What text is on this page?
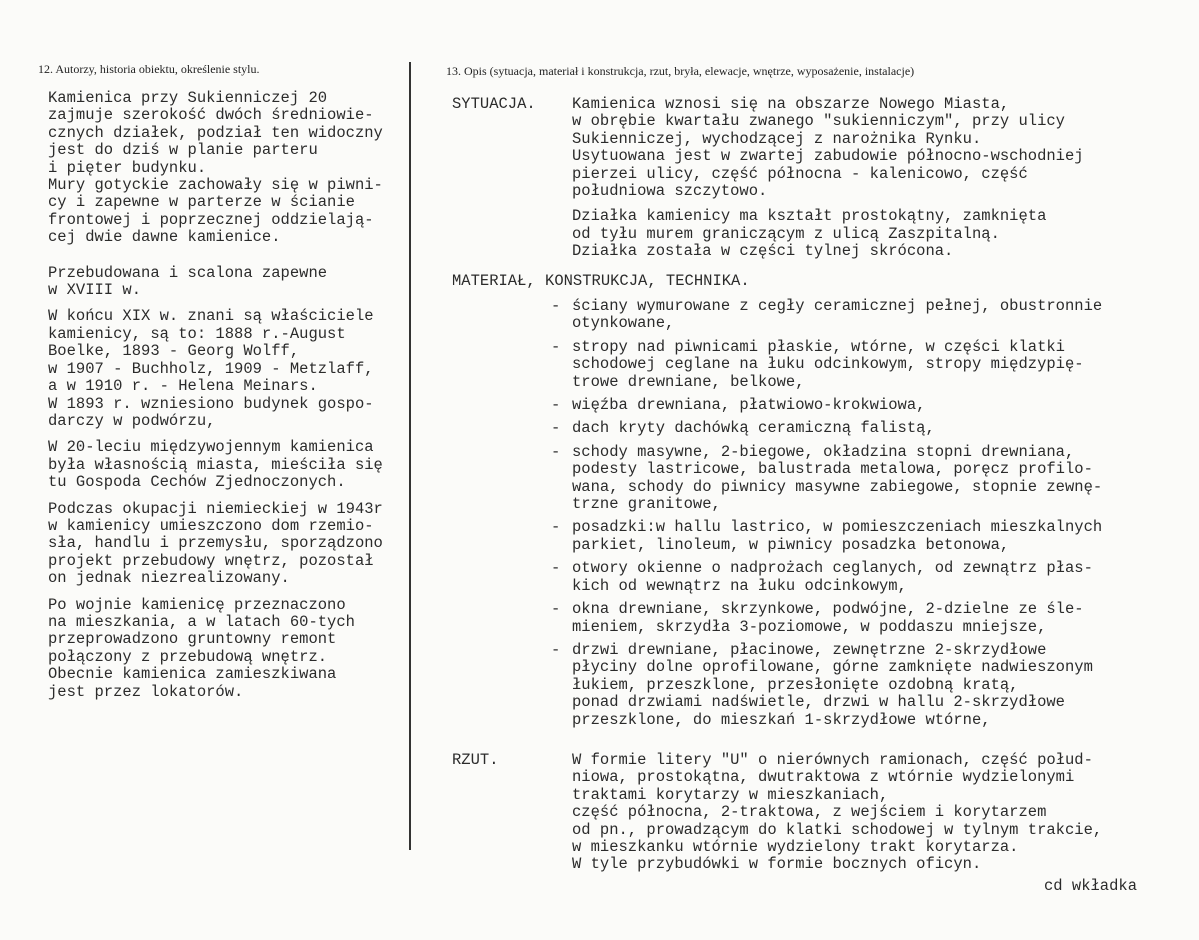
12. Autorzy, historia obiektu, określenie stylu.	13. Opis (sytuacja, materiał i konstrukcja, rzut, bryła, elewacje, wnętrze, wyposażenie, instalacje)

Kamienica przy Sukienniczej 20
zajmuje szerokość dwóch średniowie-
cznych działek, podział ten widoczny
jest do dziś w planie parteru
i pięter budynku.
Mury gotyckie zachowały się w piwni-
cy i zapewne w parterze w ścianie
frontowej i poprzecznej oddzielają-
cej dwie dawne kamienice.

Przebudowana i scalona zapewne
w XVIII w.

W końcu XIX w. znani są właściciele
kamienicy, są to: 1888 r.-August
Boelke, 1893 - Georg Wolff,
w 1907 - Buchholz, 1909 - Metzlaff,
a w 1910 r. - Helena Meinars.
W 1893 r. wzniesiono budynek gospo-
darczy w podwórzu,

W 20-leciu międzywojennym kamienica
była własnością miasta, mieściła się
tu Gospoda Cechów Zjednoczonych.

Podczas okupacji niemieckiej w 1943r
w kamienicy umieszczono dom rzemio-
sła, handlu i przemysłu, sporządzono
projekt przebudowy wnętrz, pozostał
on jednak niezrealizowany.

Po wojnie kamienicę przeznaczono
na mieszkania, a w latach 60-tych
przeprowadzono gruntowny remont
połączony z przebudową wnętrz.
Obecnie kamienica zamieszkiwana
jest przez lokatorów.

SYTUACJA. Kamienica wznosi się na obszarze Nowego Miasta,
w obrębie kwartału zwanego "sukienniczym", przy ulicy
Sukienniczej, wychodzącej z narożnika Rynku.
Usytuowana jest w zwartej zabudowie północno-wschodniej
pierzei ulicy, część północna - kalenicowo, część
południowa szczytowo.

Działka kamienicy ma kształt prostokątny, zamknięta
od tyłu murem graniczącym z ulicą Zaszpitalną.
Działka została w części tylnej skrócona.

MATERIAŁ, KONSTRUKCJA, TECHNIKA.
- ściany wymurowane z cegły ceramicznej pełnej, obustronnie
otynkowane,
- stropy nad piwnicami płaskie, wtórne, w części klatki
schodowej ceglane na łuku odcinkowym, stropy międzypię-
trowe drewniane, belkowe,
- więźba drewniana, płatwiowo-krokwiowa,
- dach kryty dachówką ceramiczną falistą,
- schody masywne, 2-biegowe, okładzina stopni drewniana,
podesty lastricowe, balustrada metalowa, poręcz profilo-
wana, schody do piwnicy masywne zabiegowe, stopnie zewnę-
trzne granitowe,
- posadzki:w hallu lastrico, w pomieszczeniach mieszkalnych
parkiet, linoleum, w piwnicy posadzka betonowa,
- otwory okienne o nadprożach ceglanych, od zewnątrz płas-
kich od wewnątrz na łuku odcinkowym,
- okna drewniane, skrzynkowe, podwójne, 2-dzielne ze śle-
mieniem, skrzydła 3-poziomowe, w poddaszu mniejsze,
- drzwi drewniane, płacinowe, zewnętrzne 2-skrzydłowe
płyciny dolne oprofilowane, górne zamknięte nadwieszonym
łukiem, przeszklone, przesłonięte ozdobną kratą,
ponad drzwiami nadświetle, drzwi w hallu 2-skrzydłowe
przeszklone, do mieszkań 1-skrzydłowe wtórne,
RZUT.	W formie litery "U" o nierównych ramionach, część połud-
niowa, prostokątna, dwutraktowa z wtórnie wydzielonymi
traktami korytarzy w mieszkaniach,
część północna, 2-traktowa, z wejściem i korytarzem
od pn., prowadzącym do klatki schodowej w tylnym trakcie,
w mieszkanku wtórnie wydzielony trakt korytarza.
W tyle przybudówki w formie bocznych oficyn.
cd wkładka
